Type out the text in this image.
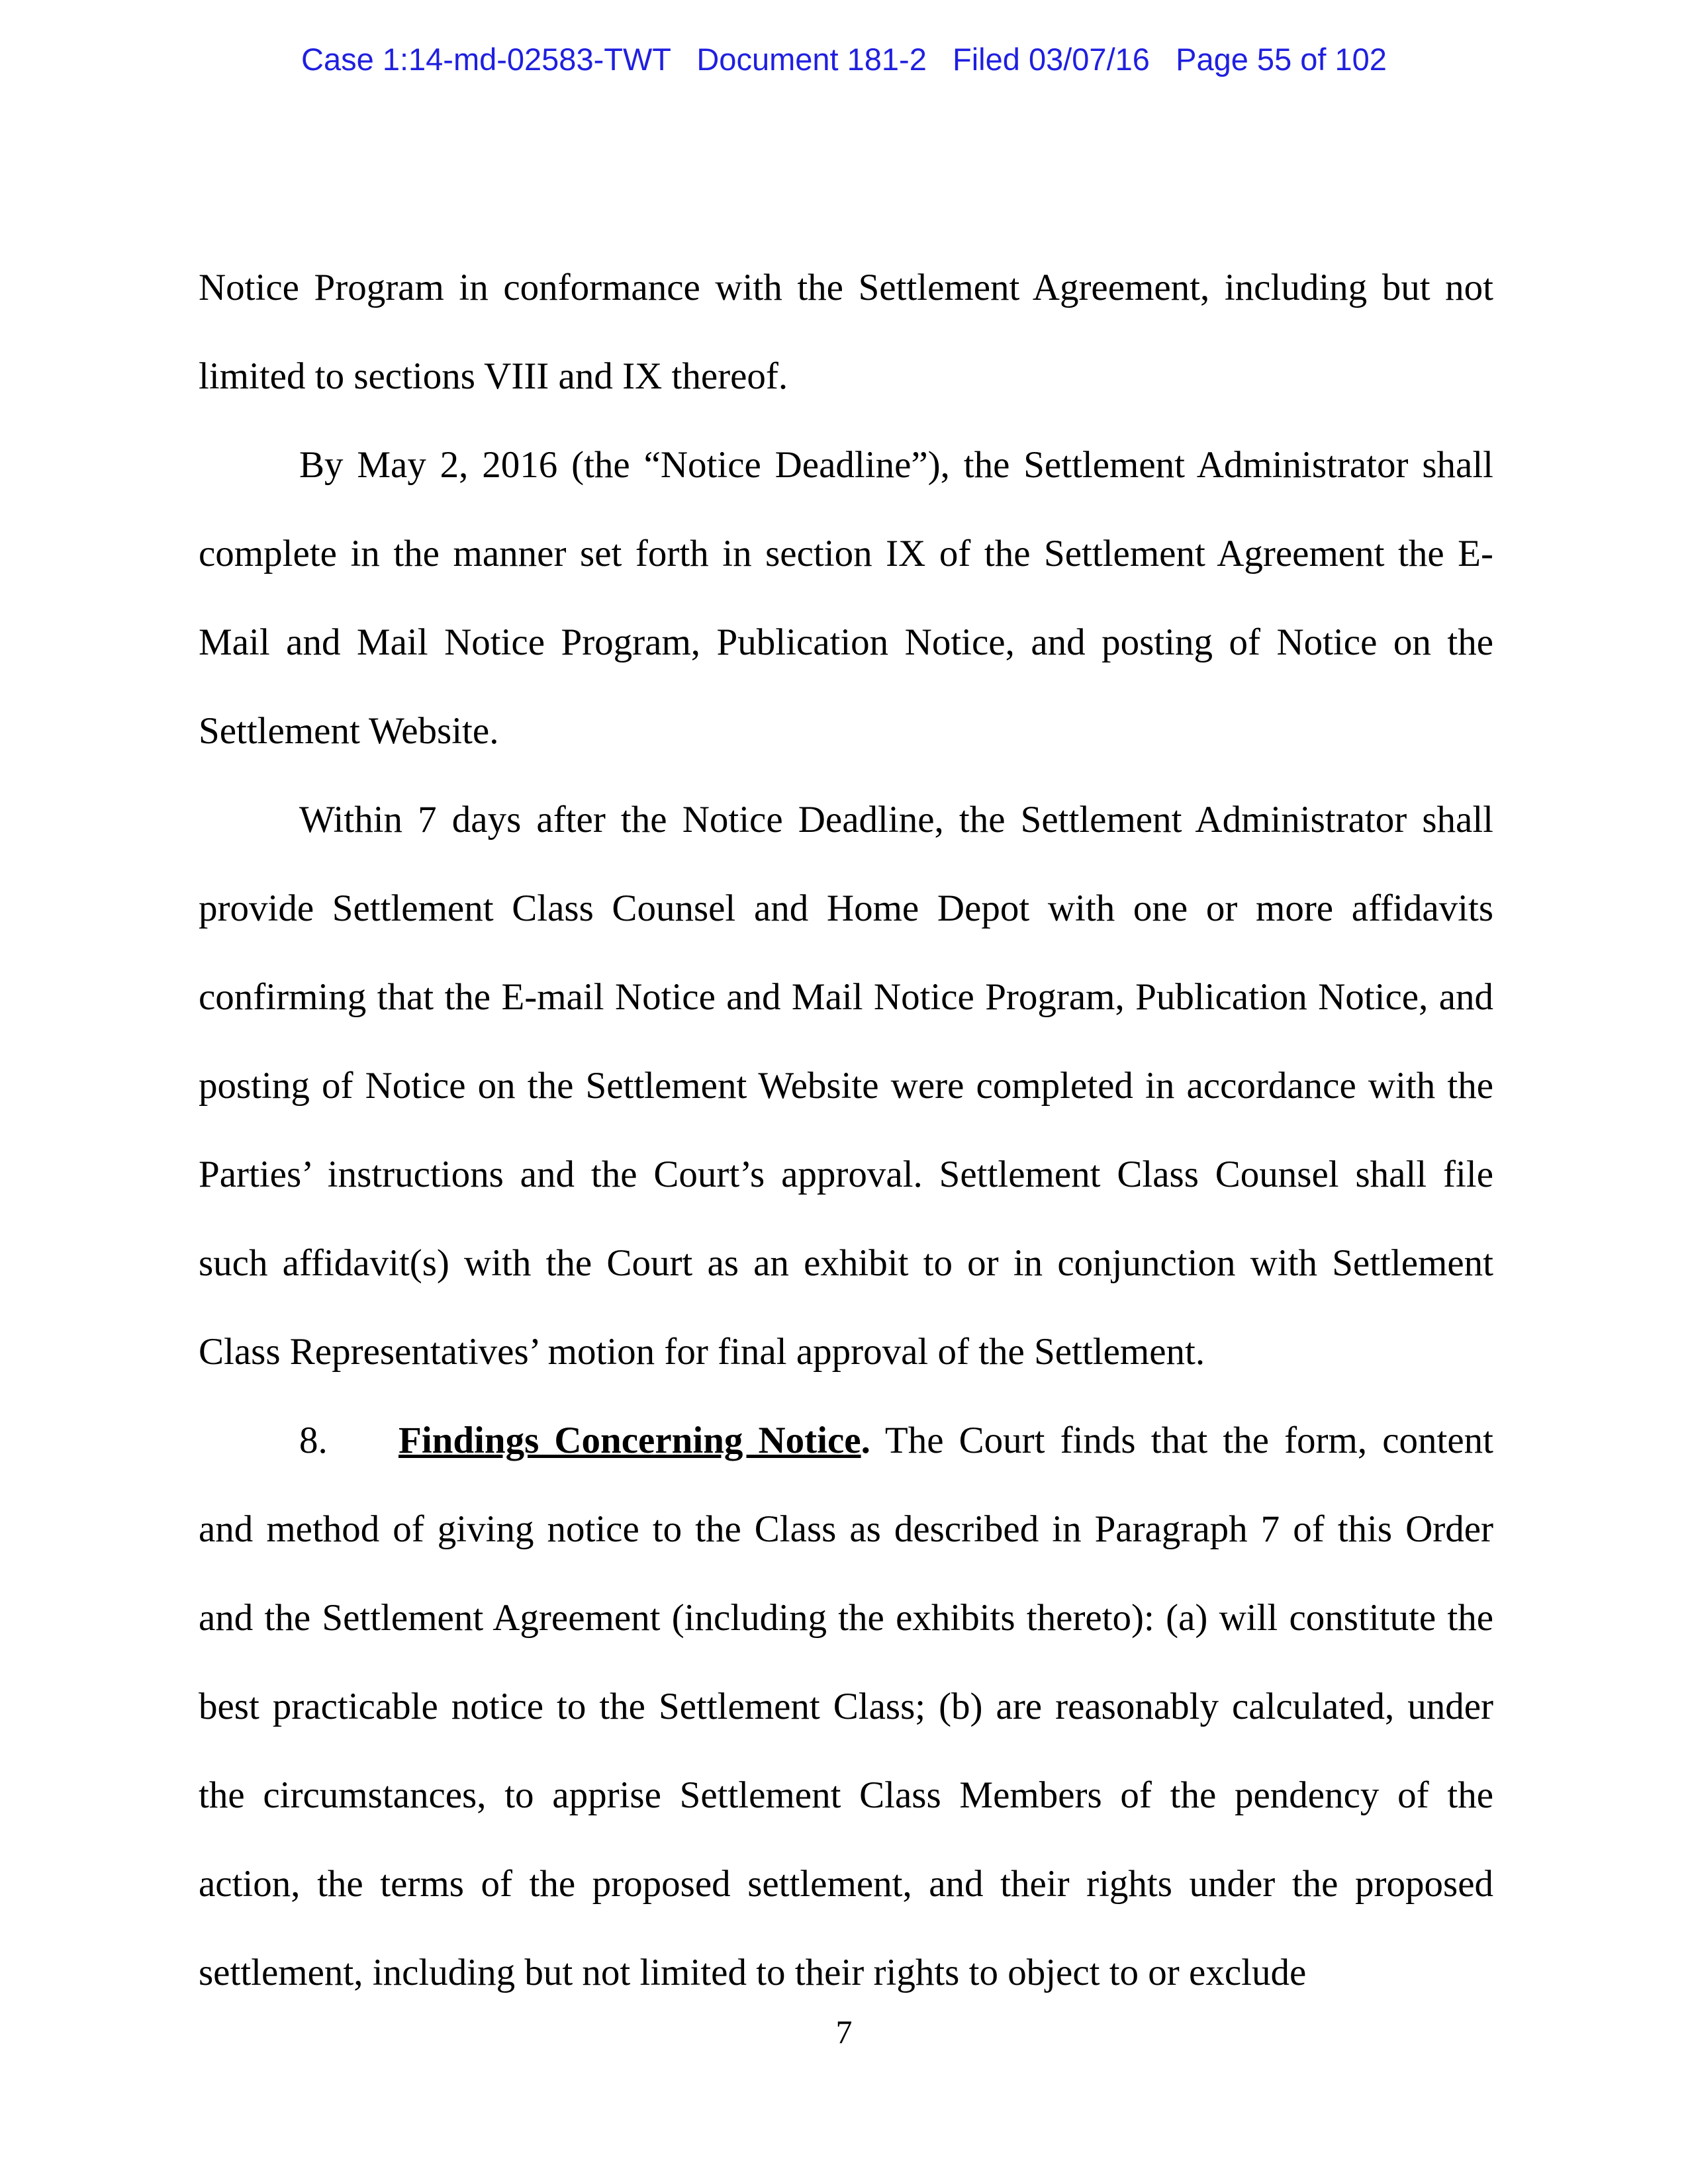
Case 1:14-md-02583-TWT Document 181-2 Filed 03/07/16 Page 55 of 102

Notice Program in conformance with the Settlement Agreement, including but not limited to sections VIII and IX thereof.

By May 2, 2016 (the “Notice Deadline”), the Settlement Administrator shall complete in the manner set forth in section IX of the Settlement Agreement the E-Mail and Mail Notice Program, Publication Notice, and posting of Notice on the Settlement Website.

Within 7 days after the Notice Deadline, the Settlement Administrator shall provide Settlement Class Counsel and Home Depot with one or more affidavits confirming that the E-mail Notice and Mail Notice Program, Publication Notice, and posting of Notice on the Settlement Website were completed in accordance with the Parties’ instructions and the Court’s approval. Settlement Class Counsel shall file such affidavit(s) with the Court as an exhibit to or in conjunction with Settlement Class Representatives’ motion for final approval of the Settlement.

8. Findings Concerning Notice. The Court finds that the form, content and method of giving notice to the Class as described in Paragraph 7 of this Order and the Settlement Agreement (including the exhibits thereto): (a) will constitute the best practicable notice to the Settlement Class; (b) are reasonably calculated, under the circumstances, to apprise Settlement Class Members of the pendency of the action, the terms of the proposed settlement, and their rights under the proposed settlement, including but not limited to their rights to object to or exclude

7
